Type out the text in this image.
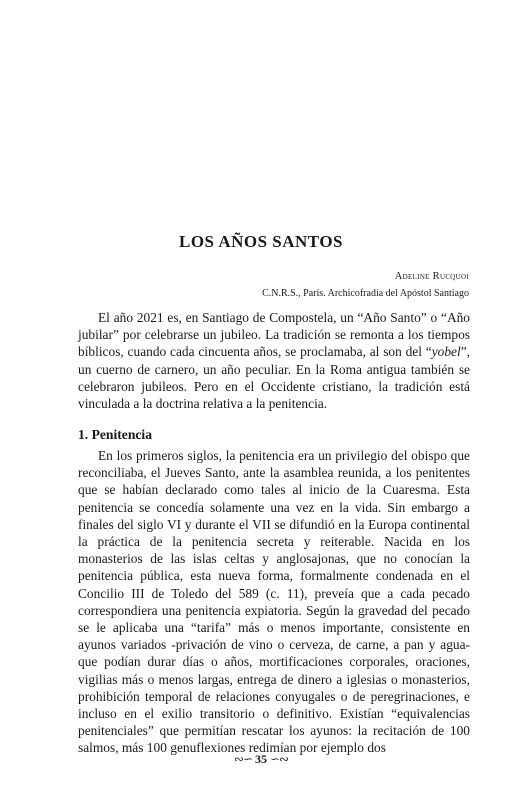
LOS AÑOS SANTOS
Adeline Rucquoi
C.N.R.S., París. Archicofradía del Apóstol Santiago

El año 2021 es, en Santiago de Compostela, un “Año Santo” o “Año jubilar” por celebrarse un jubileo. La tradición se remonta a los tiempos bíblicos, cuando cada cincuenta años, se proclamaba, al son del “yobel”, un cuerno de carnero, un año peculiar. En la Roma antigua también se celebraron jubileos. Pero en el Occidente cristiano, la tradición está vinculada a la doctrina relativa a la penitencia.

1. Penitencia

En los primeros siglos, la penitencia era un privilegio del obispo que reconciliaba, el Jueves Santo, ante la asamblea reunida, a los penitentes que se habían declarado como tales al inicio de la Cuaresma. Esta penitencia se concedía solamente una vez en la vida. Sin embargo a finales del siglo VI y durante el VII se difundió en la Europa continental la práctica de la penitencia secreta y reiterable. Nacida en los monasterios de las islas celtas y anglosajonas, que no conocían la penitencia pública, esta nueva forma, formalmente condenada en el Concilio III de Toledo del 589 (c. 11), preveía que a cada pecado correspondiera una penitencia expiatoria. Según la gravedad del pecado se le aplicaba una “tarifa” más o menos importante, consistente en ayunos variados -privación de vino o cerveza, de carne, a pan y agua- que podían durar días o años, mortificaciones corporales, oraciones, vigilias más o menos largas, entrega de dinero a iglesias o monasterios, prohibición temporal de relaciones conyugales o de peregrinaciones, e incluso en el exilio transitorio o definitivo. Existían “equivalencias penitenciales” que permitían rescatar los ayunos: la recitación de 100 salmos, más 100 genuflexiones redimían por ejemplo dos

∾∽ 35 ∽∾
